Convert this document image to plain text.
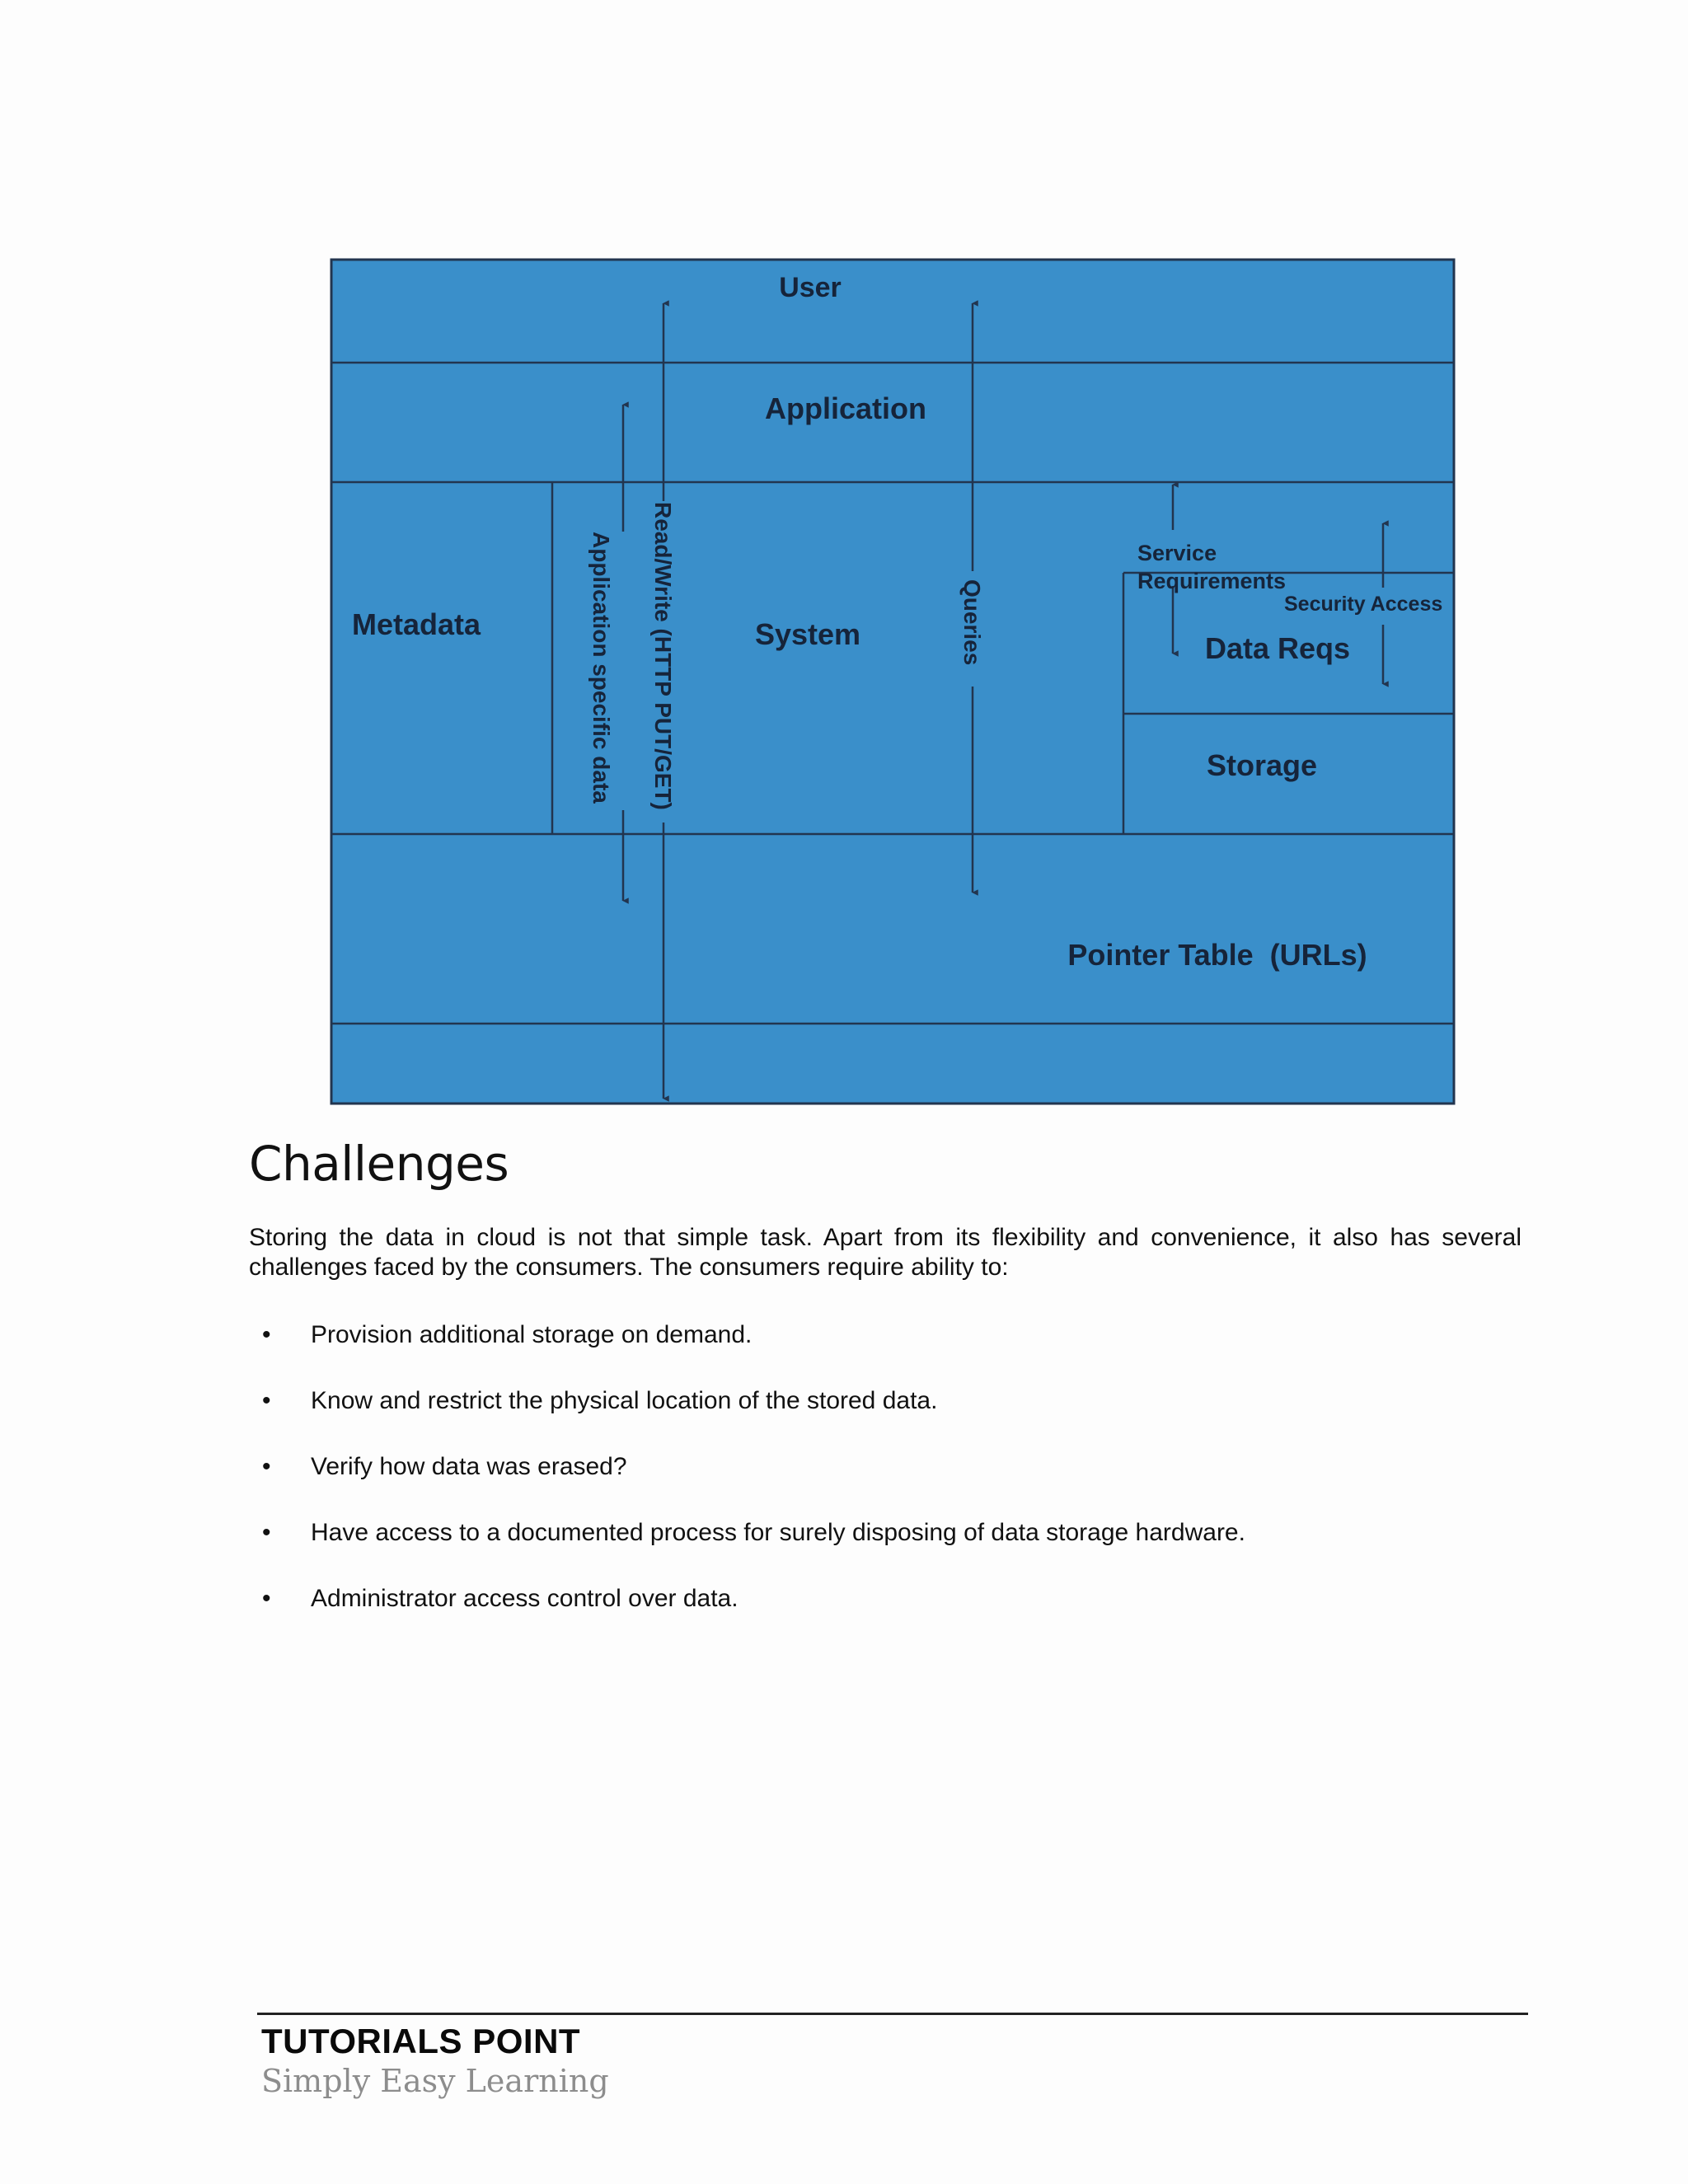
User
Application
Metadata	System	Data Reqs
Storage
Pointer Table  (URLs)
Service
Requirements
Security Access
Application specific data Read/Write (HTTP PUT/GET)	Queries
Challenges

Storing the data in cloud is not that simple task. Apart from its flexibility and convenience, it also has several challenges faced by the consumers. The consumers require ability to:

• Provision additional storage on demand.
• Know and restrict the physical location of the stored data.
• Verify how data was erased?
• Have access to a documented process for surely disposing of data storage hardware.
• Administrator access control over data.
TUTORIALS POINT
Simply Easy Learning
